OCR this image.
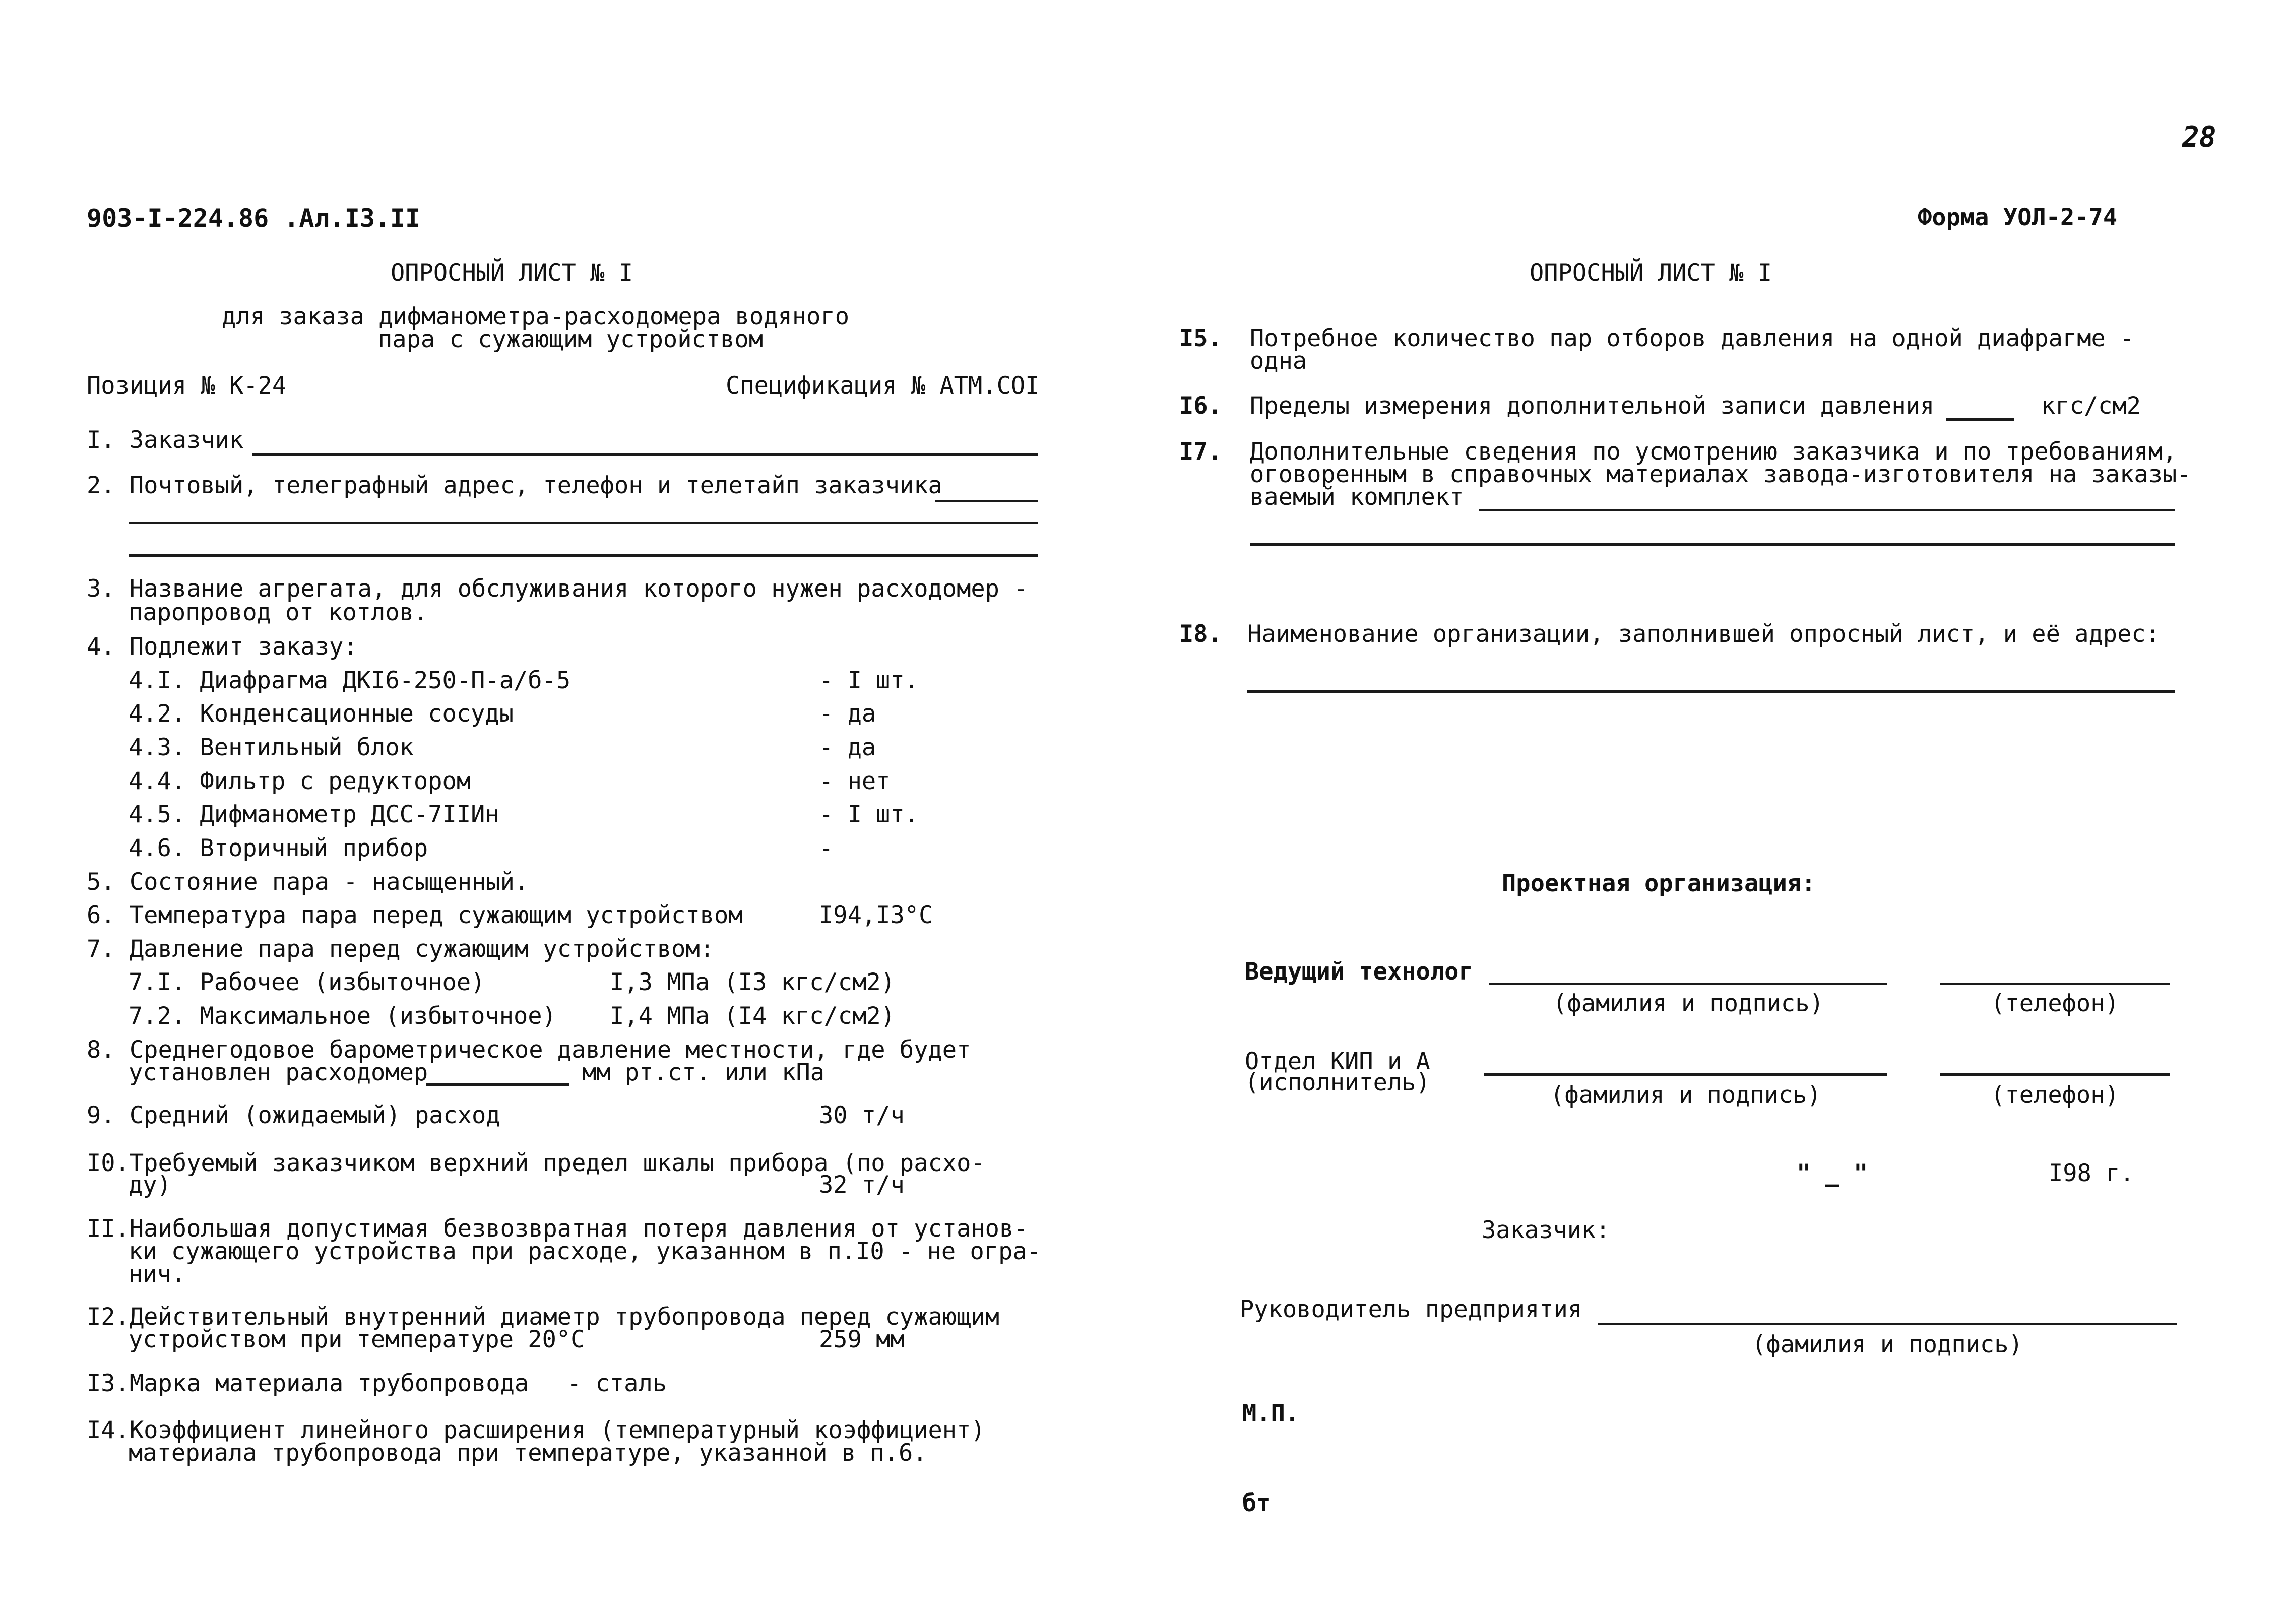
28
903-I-224.86 .Ал.I3.II	Форма УОЛ-2-74
ОПРОСНЫЙ ЛИСТ № I
для заказа дифманометра-расходомера водяного
пара с сужающим устройством
Позиция № К-24	Спецификация № АТМ.COI
I. Заказчик
2. Почтовый, телеграфный адрес, телефон и телетайп заказчика
3. Название агрегата, для обслуживания которого нужен расходомер -
паропровод от котлов.
4. Подлежит заказу:
4.I. Диафрагма ДКI6-250-П-а/б-5	- I шт.
4.2. Конденсационные сосуды	- да
4.3. Вентильный блок	- да
4.4. Фильтр с редуктором	- нет
4.5. Дифманометр ДСС-7IIИн	- I шт.
4.6. Вторичный прибор	-
5. Состояние пара - насыщенный.
6. Температура пара перед сужающим устройством	I94,I3°С
7. Давление пара перед сужающим устройством:
7.I. Рабочее (избыточное)	I,3 МПа (I3 кгс/см2)
7.2. Максимальное (избыточное) I,4 МПа (I4 кгс/см2)
8. Среднегодовое барометрическое давление местности, где будет
установлен расходомер	мм рт.ст. или кПа
9. Средний (ожидаемый) расход	30 т/ч
I0.Требуемый заказчиком верхний предел шкалы прибора (по расхо-
ду)	32 т/ч
II.Наибольшая допустимая безвозвратная потеря давления от установ-
ки сужающего устройства при расходе, указанном в п.I0 - не огра-
нич.
I2.Действительный внутренний диаметр трубопровода перед сужающим
устройством при температуре 20°С	259 мм
I3.Марка материала трубопровода - сталь
I4.Коэффициент линейного расширения (температурный коэффициент)
материала трубопровода при температуре, указанной в п.6.
ОПРОСНЫЙ ЛИСТ № I
I5. Потребное количество пар отборов давления на одной диафрагме -
одна
I6. Пределы измерения дополнительной записи давления	кгс/см2
I7. Дополнительные сведения по усмотрению заказчика и по требованиям,
оговоренным в справочных материалах завода-изготовителя на заказы-
ваемый комплект
I8. Наименование организации, заполнившей опросный лист, и её адрес:
Проектная организация:
Ведущий технолог
(фамилия и подпись)	(телефон)
Отдел КИП и А
(исполнитель)	(фамилия и подпись)	(телефон)
" _ "	I98 г.
Заказчик:
Руководитель предприятия
(фамилия и подпись)
М.П.
бт
